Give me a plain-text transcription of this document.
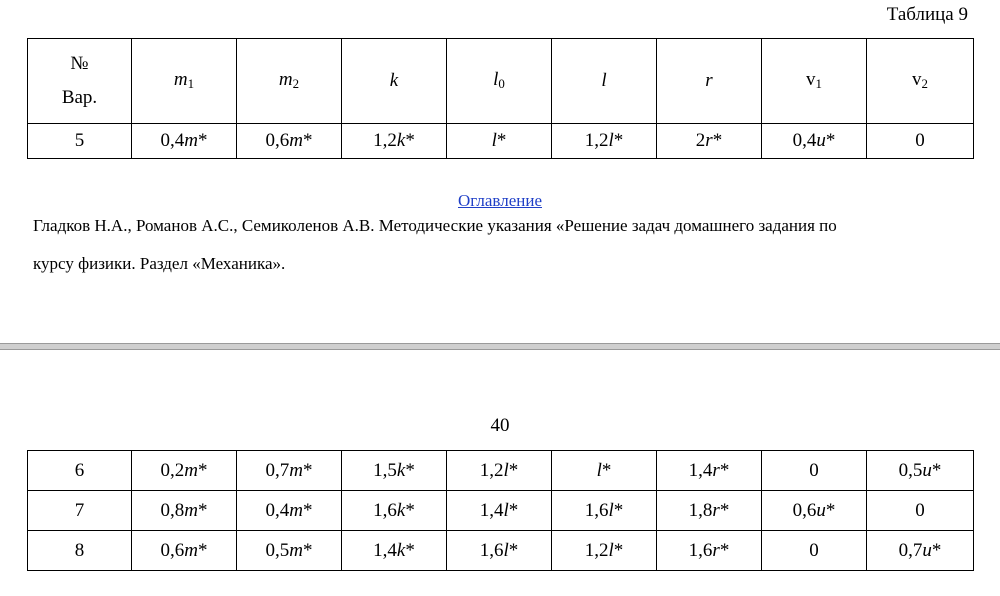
Таблица 9
№
Вар.	$m_1$	$m_2$	k	$l_0$	l	r	$v_1$	$v_2$
5	0,4m*	0,6m*	1,2k*	l*	1,2l*	2r*	0,4u*	0
Оглавление
Гладков Н.А., Романов А.С., Семиколенов А.В. Методические указания «Решение задач домашнего задания по
курсу физики. Раздел «Механика».
40
6	0,2m*	0,7m*	1,5k*	1,2l*	l*	1,4r*	0	0,5u*
7	0,8m*	0,4m*	1,6k*	1,4l*	1,6l*	1,8r*	0,6u*	0
8	0,6m*	0,5m*	1,4k*	1,6l*	1,2l*	1,6r*	0	0,7u*
